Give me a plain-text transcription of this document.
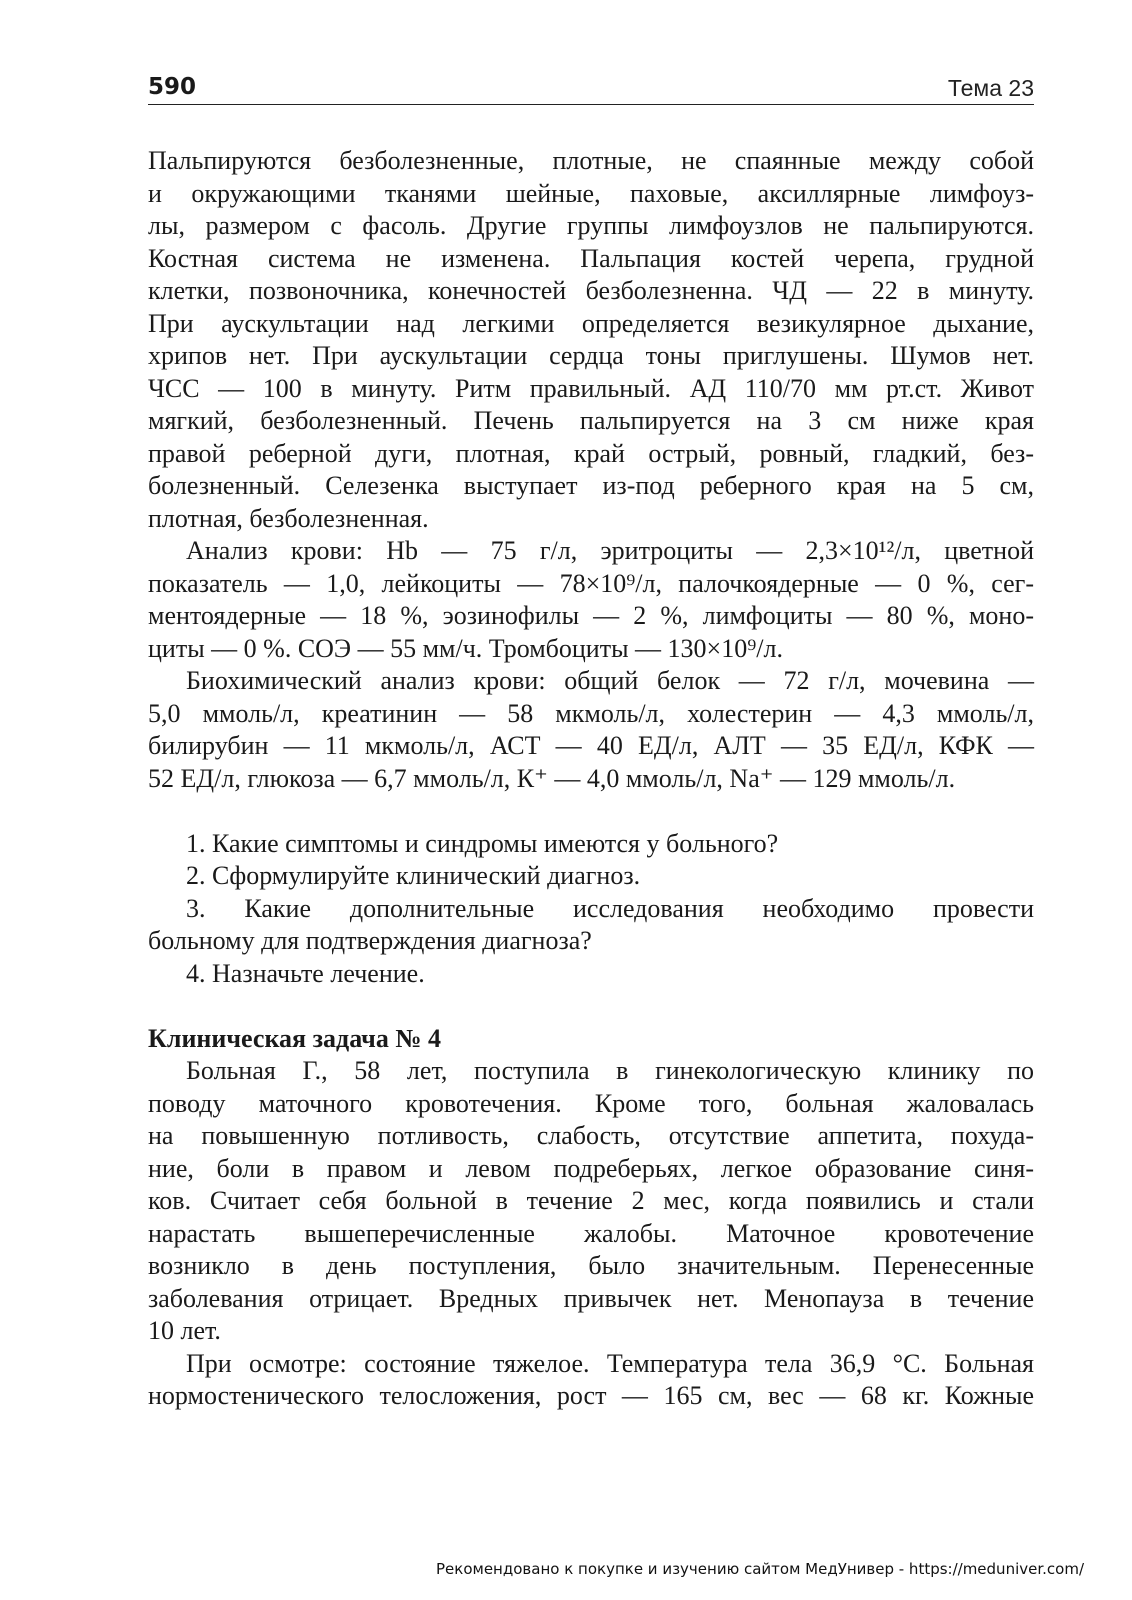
590	Тема 23
Пальпируются безболезненные, плотные, не спаянные между собой
и окружающими тканями шейные, паховые, аксиллярные лимфоуз-
лы, размером с фасоль. Другие группы лимфоузлов не пальпируются.
Костная система не изменена. Пальпация костей черепа, грудной
клетки, позвоночника, конечностей безболезненна. ЧД — 22 в минуту.
При аускультации над легкими определяется везикулярное дыхание,
хрипов нет. При аускультации сердца тоны приглушены. Шумов нет.
ЧСС — 100 в минуту. Ритм правильный. АД 110/70 мм рт.ст. Живот
мягкий, безболезненный. Печень пальпируется на 3 см ниже края
правой реберной дуги, плотная, край острый, ровный, гладкий, без-
болезненный. Селезенка выступает из-под реберного края на 5 см,
плотная, безболезненная.
Анализ крови: Hb — 75 г/л, эритроциты — 2,3×10¹²/л, цветной
показатель — 1,0, лейкоциты — 78×10⁹/л, палочкоядерные — 0 %, сег-
ментоядерные — 18 %, эозинофилы — 2 %, лимфоциты — 80 %, моно-
циты — 0 %. СОЭ — 55 мм/ч. Тромбоциты — 130×10⁹/л.
Биохимический анализ крови: общий белок — 72 г/л, мочевина —
5,0 ммоль/л, креатинин — 58 мкмоль/л, холестерин — 4,3 ммоль/л,
билирубин — 11 мкмоль/л, АСТ — 40 ЕД/л, АЛТ — 35 ЕД/л, КФК —
52 ЕД/л, глюкоза — 6,7 ммоль/л, К⁺ — 4,0 ммоль/л, Na⁺ — 129 ммоль/л.
1. Какие симптомы и синдромы имеются у больного?
2. Сформулируйте клинический диагноз.
3. Какие дополнительные исследования необходимо провести
больному для подтверждения диагноза?
4. Назначьте лечение.
Клиническая задача № 4
Больная Г., 58 лет, поступила в гинекологическую клинику по
поводу маточного кровотечения. Кроме того, больная жаловалась
на повышенную потливость, слабость, отсутствие аппетита, похуда-
ние, боли в правом и левом подреберьях, легкое образование синя-
ков. Считает себя больной в течение 2 мес, когда появились и стали
нарастать вышеперечисленные жалобы. Маточное кровотечение
возникло в день поступления, было значительным. Перенесенные
заболевания отрицает. Вредных привычек нет. Менопауза в течение
10 лет.
При осмотре: состояние тяжелое. Температура тела 36,9 °С. Больная
нормостенического телосложения, рост — 165 см, вес — 68 кг. Кожные
Рекомендовано к покупке и изучению сайтом МедУнивер - https://meduniver.com/
